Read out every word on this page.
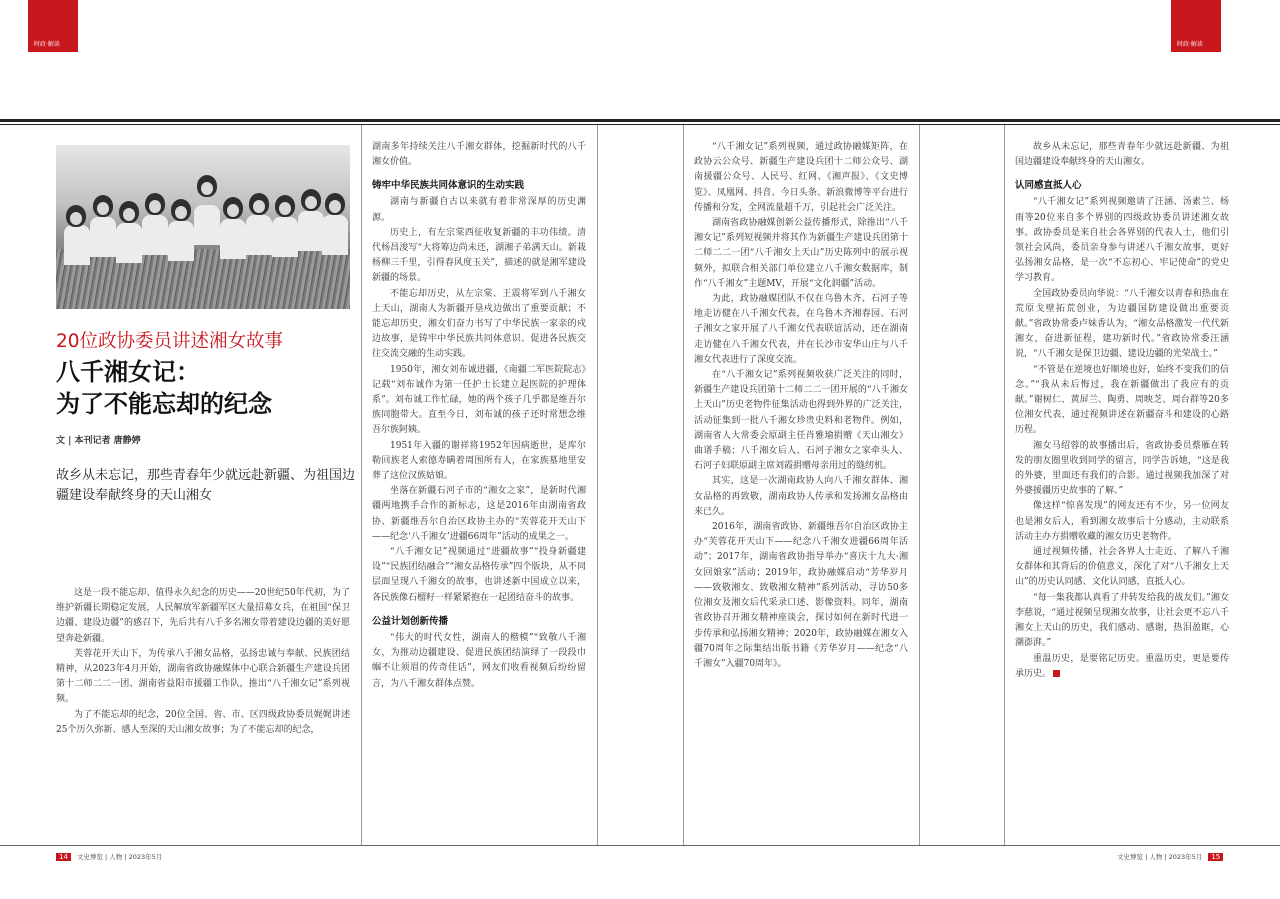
时政·解读	时政·解读
20位政协委员讲述湘女故事
八千湘女记：
为了不能忘却的纪念
文 | 本刊记者 唐静婷
故乡从未忘记，那些青春年少就远赴新疆、为祖国边疆建设奉献终身的天山湘女

这是一段不能忘却、值得永久纪念的历史——20世纪50年代初，为了维护新疆长期稳定发展，人民解放军新疆军区大量招募女兵，在祖国“保卫边疆、建设边疆”的感召下，先后共有八千多名湘女带着建设边疆的美好愿望奔赴新疆。

芙蓉花开天山下，为传承八千湘女品格，弘扬忠诚与奉献、民族团结精神，从2023年4月开始，湖南省政协融媒体中心联合新疆生产建设兵团第十二师二二一团、湖南省益阳市援疆工作队，推出“八千湘女记”系列视频。

为了不能忘却的纪念，20位全国、省、市、区四级政协委员娓娓讲述25个历久弥新、感人至深的天山湘女故事；为了不能忘却的纪念，

湖南多年持续关注八千湘女群体，挖掘新时代的八千湘女价值。

铸牢中华民族共同体意识的生动实践

湖南与新疆自古以来就有着非常深厚的历史渊源。

历史上，有左宗棠西征收复新疆的丰功伟绩。清代杨昌浚写“大将筹边尚未还，湖湘子弟满天山。新栽杨柳三千里，引得春风度玉关”，描述的就是湘军建设新疆的场景。

不能忘却历史，从左宗棠、王震将军到八千湘女上天山，湖南人为新疆开垦戍边做出了重要贡献；不能忘却历史，湘女们奋力书写了中华民族一家亲的戍边故事，是铸牢中华民族共同体意识、促进各民族交往交流交融的生动实践。

1950年，湘女刘布诚进疆，《南疆二军医院院志》记载“刘布诚作为第一任护士长建立起医院的护理体系”。刘布诚工作忙碌，她的两个孩子几乎都是维吾尔族同胞带大。直至今日，刘布诚的孩子还时常想念维吾尔族阿姨。

1951年入疆的谢祥将1952年因病逝世，是库尔勒回族老人索德寿瞒着周围所有人，在家族墓地里安葬了这位汉族姑娘。

坐落在新疆石河子市的“湘女之家”，是新时代湘疆两地携手合作的新标志，这是2016年由湖南省政协、新疆维吾尔自治区政协主办的“芙蓉花开天山下——纪念‘八千湘女’进疆66周年”活动的成果之一。

“八千湘女记”视频通过“进疆故事”“投身新疆建设”“民族团结融合”“湘女品格传承”四个版块，从不同层面呈现八千湘女的故事，也讲述新中国成立以来，各民族像石榴籽一样紧紧抱在一起团结奋斗的故事。

公益计划创新传播

“伟大的时代女性，湖南人的楷模”“致敬八千湘女，为推动边疆建设、促进民族团结演绎了一段段巾帼不让须眉的传奇佳话”，网友们收看视频后纷纷留言，为八千湘女群体点赞。

“八千湘女记”系列视频，通过政协融媒矩阵，在政协云公众号、新疆生产建设兵团十二师公众号、湖南援疆公众号、人民号、红网、《湘声报》、《文史博览》、凤凰网、抖音、今日头条、新浪微博等平台进行传播和分发，全网流量超千万，引起社会广泛关注。

湖南省政协融媒创新公益传播形式，除推出“八千湘女记”系列短视频并将其作为新疆生产建设兵团第十二师二二一团“八千湘女上天山”历史陈列中的展示视频外，拟联合相关部门单位建立八千湘女数据库，制作“八千湘女”主题MV，开展“文化润疆”活动。

为此，政协融媒团队不仅在乌鲁木齐、石河子等地走访健在八千湘女代表，在乌鲁木齐湘春园、石河子湘女之家开展了八千湘女代表联谊活动，还在湖南走访健在八千湘女代表，并在长沙市安华山庄与八千湘女代表进行了深度交流。

在“八千湘女记”系列视频收获广泛关注的同时，新疆生产建设兵团第十二师二二一团开展的“八千湘女上天山”历史老物件征集活动也得到外界的广泛关注，活动征集到一批八千湘女珍贵史料和老物件。例如，湖南省人大常委会原副主任肖雅瑜捐赠《天山湘女》曲谱手稿；八千湘女后人、石河子湘女之家牵头人、石河子妇联原副主席刘霞捐赠母亲用过的缝纫机。

其实，这是一次湖南政协人向八千湘女群体、湘女品格的再致敬，湖南政协人传承和发扬湘女品格由来已久。

2016年，湖南省政协、新疆维吾尔自治区政协主办“芙蓉花开天山下——纪念八千湘女进疆66周年活动”；2017年，湖南省政协指导举办“喜庆十九大·湘女回娘家”活动；2019年，政协融媒启动“芳华岁月——致敬湘女、致敬湘女精神”系列活动，寻访50多位湘女及湘女后代采录口述、影像资料。同年，湖南省政协召开湘女精神座谈会，探讨如何在新时代进一步传承和弘扬湘女精神；2020年，政协融媒在湘女入疆70周年之际集结出版书籍《芳华岁月——纪念“八千湘女”入疆70周年》。

故乡从未忘记，那些青春年少就远赴新疆、为祖国边疆建设奉献终身的天山湘女。

认同感直抵人心

“八千湘女记”系列视频邀请了汪涵、汤素兰、杨雨等20位来自多个界别的四级政协委员讲述湘女故事。政协委员是来自社会各界别的代表人士，他们引领社会风尚，委员亲身参与讲述八千湘女故事，更好弘扬湘女品格，是一次“不忘初心、牢记使命”的党史学习教育。

全国政协委员向华说：“八千湘女以青春和热血在荒原戈壁拓荒创业，为边疆国防建设做出重要贡献。”省政协常委卢妹香认为，“湘女品格激发一代代新湘女，奋进新征程，建功新时代。”省政协常委汪涵说，“八千湘女是保卫边疆、建设边疆的光荣战士。”

“不管是在逆境也好顺境也好，始终不变我们的信念。”“我从未后悔过，我在新疆做出了我应有的贡献。”谢树仁、黄屏兰、陶勇、周映芝、周台群等20多位湘女代表，通过视频讲述在新疆奋斗和建设的心路历程。

湘女马绍蓉的故事播出后，省政协委员蔡雁在转发的朋友圈里收到同学的留言，同学告诉她，“这是我的外婆，里面还有我们的合影。通过视频我加深了对外婆援疆历史故事的了解。”

像这样“惊喜发现”的网友还有不少，另一位网友也是湘女后人，看到湘女故事后十分感动，主动联系活动主办方捐赠收藏的湘女历史老物件。

通过视频传播，社会各界人士走近、了解八千湘女群体和其背后的价值意义，深化了对“八千湘女上天山”的历史认同感、文化认同感，直抵人心。

“每一集我都认真看了并转发给我的战友们。”湘女李慈说，“通过视频呈现湘女故事，让社会更不忘八千湘女上天山的历史，我们感动、感谢，热泪盈眶，心潮澎湃。”

重温历史，是要铭记历史。重温历史，更是要传承历史。

14 文史博览 | 人物 | 2023年5月	文史博览 | 人物 | 2023年5月 15
